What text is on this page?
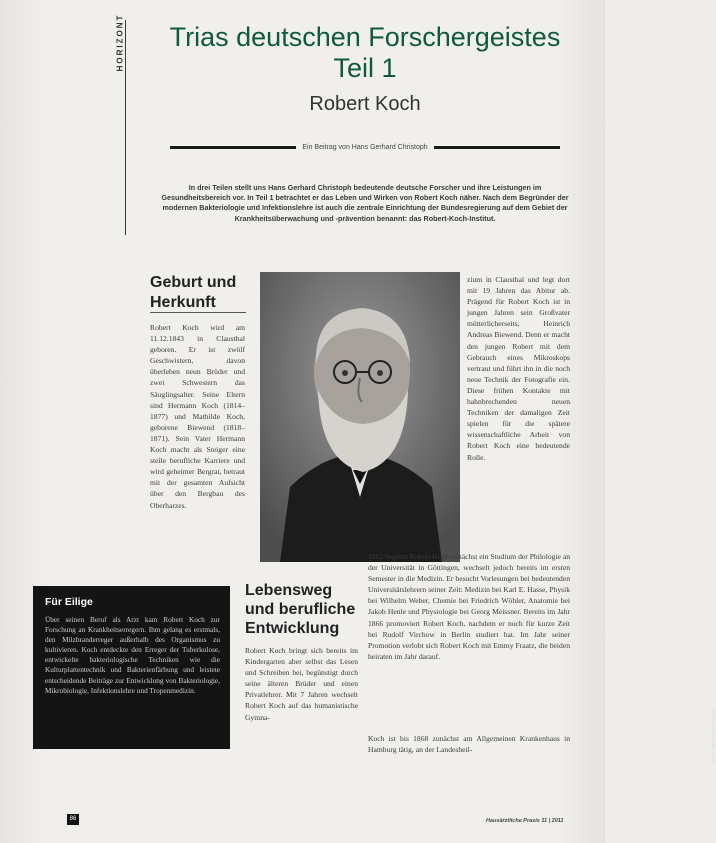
HORIZONT	Trias deutschen Forschergeistes
Teil 1
Robert Koch
Ein Beitrag von Hans Gerhard Christoph
In drei Teilen stellt uns Hans Gerhard Christoph bedeutende deutsche Forscher und ihre Leistungen im Gesundheitsbereich vor. In Teil 1 betrachtet er das Leben und Wirken von Robert Koch näher. Nach dem Begründer der modernen Bakteriologie und Infektionslehre ist auch die zentrale Einrichtung der Bundesregierung auf dem Gebiet der Krankheitsüberwachung und -prävention benannt: das Robert-Koch-Institut.
Geburt und Herkunft
Robert Koch wird am 11.12.1843 in Clausthal geboren. Er ist zwölf Geschwistern, davon überleben neun Brüder und zwei Schwestern das Säuglingsalter. Seine Eltern sind Hermann Koch (1814–1877) und Mathilde Koch, geborene Biewend (1818–1871). Sein Vater Hermann Koch macht als Steiger eine steile berufliche Karriere und wird geheimer Bergrat, betraut mit der gesamten Aufsicht über den Bergbau des Oberharzes.
Foto: Wikimedia Commons
zium in Clausthal und legt dort mit 19 Jahren das Abitur ab. Prägend für Robert Koch ist in jungen Jahren sein Großvater mütterlicherseits, Heinrich Andreas Biewend. Denn er macht den jungen Robert mit dem Gebrauch eines Mikroskops vertraut und führt ihn in die noch neue Technik der Fotografie ein. Diese frühen Kontakte mit bahnbrechenden neuen Techniken der damaligen Zeit spielen für die spätere wissenschaftliche Arbeit von Robert Koch eine bedeutende Rolle.
1862 beginnt Robert Koch zunächst ein Studium der Philologie an der Universität in Göttingen, wechselt jedoch bereits im ersten Semester in die Medizin. Er besucht Vorlesungen bei bedeutenden Universitätslehrern seiner Zeit: Medizin bei Karl E. Hasse, Physik bei Wilhelm Weber, Chemie bei Friedrich Wöhler, Anatomie bei Jakob Henle und Physiologie bei Georg Meissner. Bereits im Jahr 1866 promoviert Robert Koch, nachdem er noch für kurze Zeit bei Rudolf Virchow in Berlin studiert hat. Im Jahr seiner Promotion verlobt sich Robert Koch mit Emmy Fraatz, die beiden heiraten im Jahr darauf.
Lebensweg und berufliche Entwicklung
Robert Koch bringt sich bereits im Kindergarten aber selbst das Lesen und Schreiben bei, begünstigt durch seine älteren Brüder und einen Privatlehrer. Mit 7 Jahren wechselt Robert Koch auf das humanistische Gymna-
Koch ist bis 1868 zunächst am Allgemeinen Krankenhaus in Hamburg tätig, an der Landesheil-
Für Eilige
Über seinen Beruf als Arzt kam Robert Koch zur Forschung an Krankheitserregern. Ihm gelang es erstmals, den Milzbranderreger außerhalb des Organismus zu kultivieren. Koch entdeckte den Erreger der Tuberkulose, entwickelte bakteriologische Techniken wie die Kulturplattentechnik und Bakterienfärbung und leistete entscheidende Beiträge zur Entwicklung von Bakteriologie, Mikrobiologie, Infektionslehre und Tropenmedizin.
86	Hausärztliche Praxis 11 | 2011
